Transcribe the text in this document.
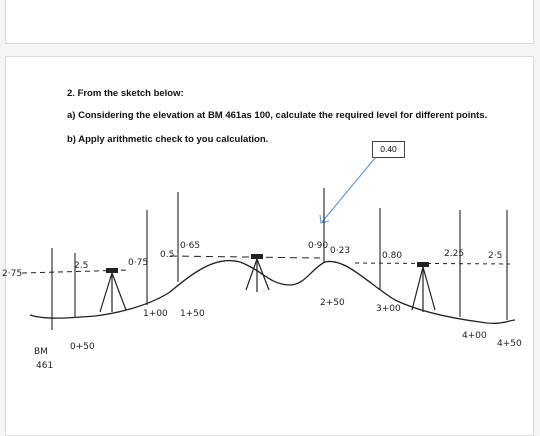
2. From the sketch below:
a) Considering the elevation at BM 461as 100, calculate the required level for different points.
b) Apply arithmetic check to you calculation.
0.40
2·75
2.5	0·75
0.5
0·65	0·90 0·23	0.80	2.25	2·5
BM
461
0+50
1+00 1+50
2+50
3+00
4+00
4+50
